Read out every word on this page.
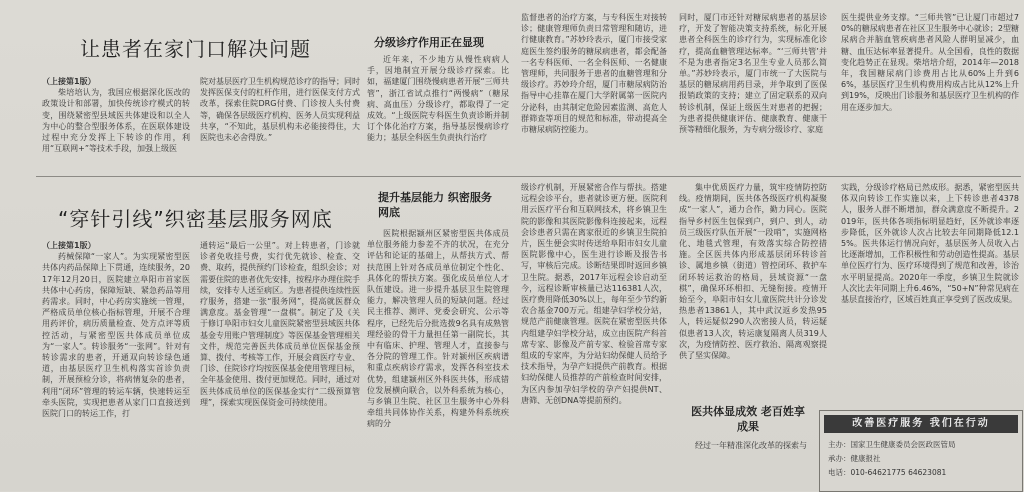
让患者在家门口解决问题
（上接第1版）

柴培培认为，我国应根据深化医改的政策设计和部署，加快传统诊疗模式的转变，围绕紧密型县域医共体建设和以全人为中心的整合型服务体系，在医联体建设过程中充分发挥上下转诊的作用，利用“互联网+”等技术手段，加强上级医

院对基层医疗卫生机构规范诊疗的指导；同时发挥医保支付的杠杆作用，进行医保支付方式改革，探索住院DRG付费、门诊按人头付费等，确保各层级医疗机构、医务人员实现利益共享，“不知此，基层机构未必能接得住，大医院也未必舍得放。”

分级诊疗作用正在显现

近年来，不少地方从慢性病病人手，因地制宜开展分级诊疗探索。比如，福建厦门围绕慢病患者开展“三师共管”，浙江省试点推行“两慢病”（糖尿病、高血压）分级诊疗，都取得了一定成效。“上级医院专科医生负责诊断并制订个体化治疗方案，指导基层慢病诊疗能力；基层全科医生负责执行治疗

监督患者的治疗方案，与专科医生对接转诊；健康管理师负责日常管理和随访，进行健康教育。”苏妙玲表示，厦门市接受家庭医生签约服务的糖尿病患者，都会配备一名专科医师、一名全科医师、一名健康管理师，共同服务于患者的血糖管理和分级诊疗。苏妙玲介绍，厦门市糖尿病防治指导中心挂靠在厦门大学附属第一医院内分泌科，由其制定危险因素监测、高危人群筛查等项目的规范和标准，带动提高全市糖尿病防控能力。

同时，厦门市还针对糖尿病患者的基层诊疗，开发了智能决策支持系统，标化开展患者全科医生的诊疗行为，实现标准化诊疗，提高血糖管理达标率。“‘三师共管’并不是为患者指定3名卫生专业人员那么简单。”苏妙玲表示，厦门市统一了大医院与基层的糖尿病用药目录，并争取到了医保报销政策的支持；建立了固定联系的双向转诊机制，保证上级医生对患者的把握；为患者提供健康评估、健康教育、健康干预等精细化服务，为专病分级诊疗、家庭

医生提供业务支撑。“三师共管”已让厦门市超过70%的糖尿病患者在社区卫生服务中心就诊；2型糖尿病合并脑血管疾病患者风险人群明显减少，血糖、血压达标率显著提升。从全国看，良性的数据变化趋势正在显现。柴培培介绍，2014年—2018年，我国糖尿病门诊费用占比从60%上升到66%，基层医疗卫生机构费用构成占比从12%上升到19%，反映出门诊服务和基层医疗卫生机构的作用在逐步加大。

“穿针引线”织密基层服务网底
（上接第1版）

药械保障“一家人”。为实现紧密型医共体内药品保障上下贯通，连续服务，2017年12月20日，医院建立阜阳市首家医共体中心药房，保障短缺、紧急药品等用药需求。同时，中心药房实施统一管理，严格成员单位核心指标管理，开展不合理用药评价，病历质量检查、处方点评等质控活动，与紧密型医共体成员单位成为“一家人”。转诊服务“一张网”。针对有转诊需求的患者，开通双向转诊绿色通道，由基层医疗卫生机构落实首诊负责制，开展预检分诊，将病情复杂的患者，利用“闭环”管理的转运车辆，快速转运至牵头医院，实现把患者从家门口直接送到医院门口的转运工作，打

通转运“最后一公里”。对上转患者，门诊就诊者免收挂号费，实行优先就诊、检查、交费、取药，提供预约门诊检查，组织会诊；对需要住院的患者优先安排，按程序办理住院手续，安排专人送至病区。为患者提供连续性医疗服务，搭建一张“服务网”，提高就医群众满意度。基金管理“一盘棋”。制定了及《关于修订阜阳市妇女儿童医院紧密型县域医共体基金专用账户管理制度》等医保基金管理相关文件，规范完善医共体成员单位医保基金预算、拨付、考核等工作，开展会商医疗专业、门诊、住院诊疗均按医保基金使用管理目标，全年基金使用、拨付更加规范。同时，通过对医共体成员单位的医保基金实行“二级预算管理”，探索实现医保资金可持续使用。

提升基层能力 织密服务网底

医院根据颍州区紧密型医共体成员单位服务能力参差不齐的状况，在充分评估和论证的基础上，从帮扶方式、帮扶范围上针对各成员单位制定个性化、具体化的帮扶方案。强化成员单位人才队伍建设。进一步提升基层卫生院管理能力，解决管理人员的短缺问题。经过民主推荐、测评、党委会研究、公示等程序，已经先后分批选拨9名具有成熟管理经验的骨干力量担任第一副院长，其中有临床、护理、管理人才，直接参与各分院的管理工作。针对颍州区疾病谱和重点疾病诊疗需求，发挥各科室技术优势，组建颍州区外科医共体，形成错位发展横向联合，以外科系统为核心，与乡镇卫生院、社区卫生服务中心外科牵组共同体协作关系，构建外科系统疾病的分

级诊疗机制，开展紧密合作与帮扶。搭建远程会诊平台，患者就诊更方便。医院利用云医疗平台和互联网技术，将乡镇卫生院的影像和其医院影像科连接起来，远程会诊患者只需在离家很近的乡镇卫生院拍片，医生便会实时传送给阜阳市妇女儿童医院影像中心，医生进行诊断及报告书写，审核后完成。诊断结果即时返回乡镇卫生院。据悉，2017年远程会诊启动至今，远程诊断审核量已达116381人次，医疗费用降低30%以上，每年至少节约新农合基金700万元。组建孕妇学校分站，规范产前健康管理。医院在紧密型医共体内组建孕妇学校分站，成立由医院产科首席专家、影像及产前专家、检验首席专家组成的专家库，为分站妇幼保健人员给予技术指导，为孕产妇提供产前教育。根据妇幼保健人员推荐的产前检查时间安排，为区内参加孕妇学校的孕产妇提供NT、唐筛、无创DNA等提前预约。

集中优质医疗力量，筑牢疫情防控防线。疫情期间，医共体各级医疗机构凝聚成“一家人”，通力合作，勤力同心。医院指导乡村医生包保到户，到户、到人，动员三级医疗队伍开展“一段哨”，实施网格化、地毯式管理，有效落实综合防控措施。全区医共体内形成基层闭环转诊首诊、属地乡镇（街道）管控闭环、救护车闭环转运救治的格局，县域资源“一盘棋”，确保环环相扣、无缝衔接。疫情开始至今，阜阳市妇女儿童医院共计分诊发热患者13861人，其中武汉返乡发热95人，转运疑似290人次密接人员，转运疑似患者13人次，转运康复隔离人员319人次，为疫情防控、医疗救治、隔离观察提供了坚实保障。

医共体显成效 老百姓享成果

经过一年精准深化改革的探索与

实践，分级诊疗格局已然成形。据悉，紧密型医共体双向转诊工作实施以来，上下转诊患者4378人，服务人群不断增加，群众满意度不断提升。2019年，医共体各项指标明显趋好，区外就诊率逐步降低，区外就诊人次占比较去年同期降低12.15%。医共体运行情况向好，基层医务人员收入占比逐渐增加，工作积极性和劳动创造性提高。基层单位医疗行为、医疗环境得到了规范和改善，诊治水平明显提高。2020年一季度，乡镇卫生院就诊人次比去年同期上升6.46%，“50+N”种常见病在基层直接治疗，区域百姓真正享受到了医改成果。

改善医疗服务 我们在行动
主办：国家卫生健康委员会医政医管局
承办：健康报社
电话：010-64621775 64623081
